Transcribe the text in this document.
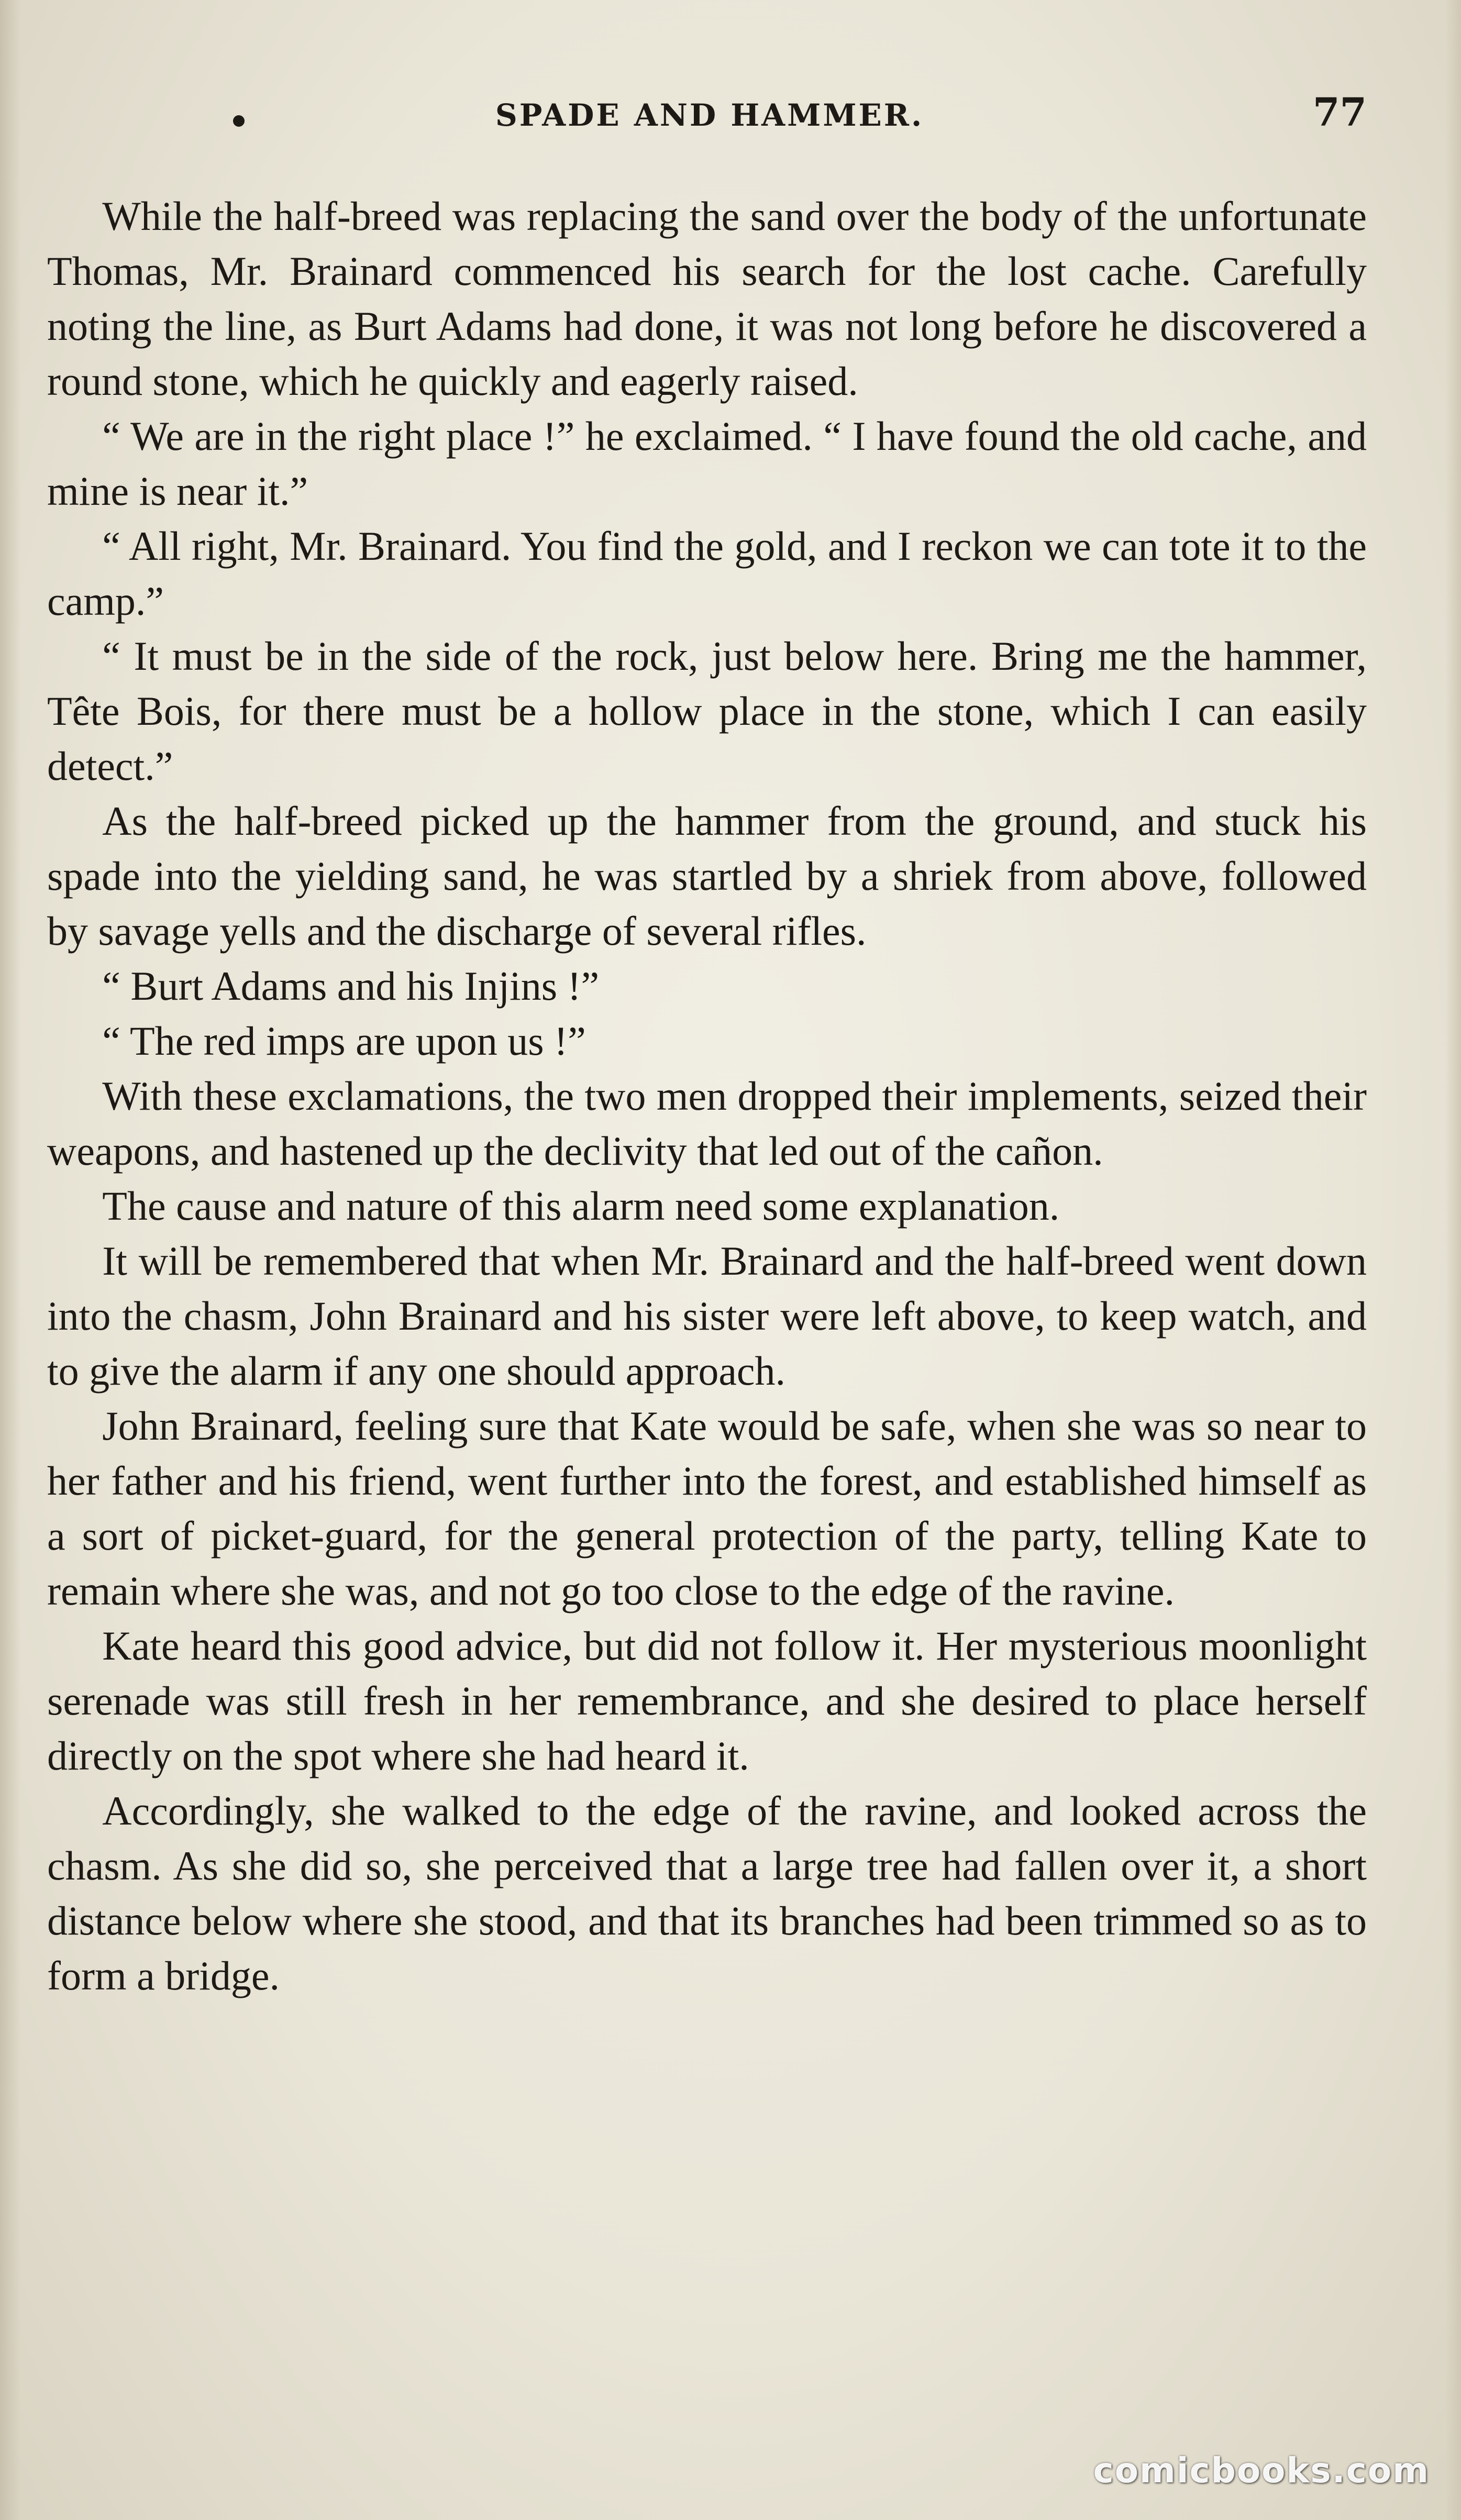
SPADE AND HAMMER.	77

While the half-breed was replacing the sand over the body of the unfortunate Thomas, Mr. Brainard commenced his search for the lost cache. Carefully noting the line, as Burt Adams had done, it was not long before he discovered a round stone, which he quickly and eagerly raised.

“ We are in the right place !” he exclaimed. “ I have found the old cache, and mine is near it.”

“ All right, Mr. Brainard. You find the gold, and I reckon we can tote it to the camp.”

“ It must be in the side of the rock, just below here. Bring me the hammer, Tête Bois, for there must be a hollow place in the stone, which I can easily detect.”

As the half-breed picked up the hammer from the ground, and stuck his spade into the yielding sand, he was startled by a shriek from above, followed by savage yells and the discharge of several rifles.

“ Burt Adams and his Injins !”

“ The red imps are upon us !”

With these exclamations, the two men dropped their implements, seized their weapons, and hastened up the declivity that led out of the cañon.

The cause and nature of this alarm need some explanation.

It will be remembered that when Mr. Brainard and the half-breed went down into the chasm, John Brainard and his sister were left above, to keep watch, and to give the alarm if any one should approach.

John Brainard, feeling sure that Kate would be safe, when she was so near to her father and his friend, went further into the forest, and established himself as a sort of picket-guard, for the general protection of the party, telling Kate to remain where she was, and not go too close to the edge of the ravine.

Kate heard this good advice, but did not follow it. Her mysterious moonlight serenade was still fresh in her remembrance, and she desired to place herself directly on the spot where she had heard it.

Accordingly, she walked to the edge of the ravine, and looked across the chasm. As she did so, she perceived that a large tree had fallen over it, a short distance below where she stood, and that its branches had been trimmed so as to form a bridge.

comicbooks.com
